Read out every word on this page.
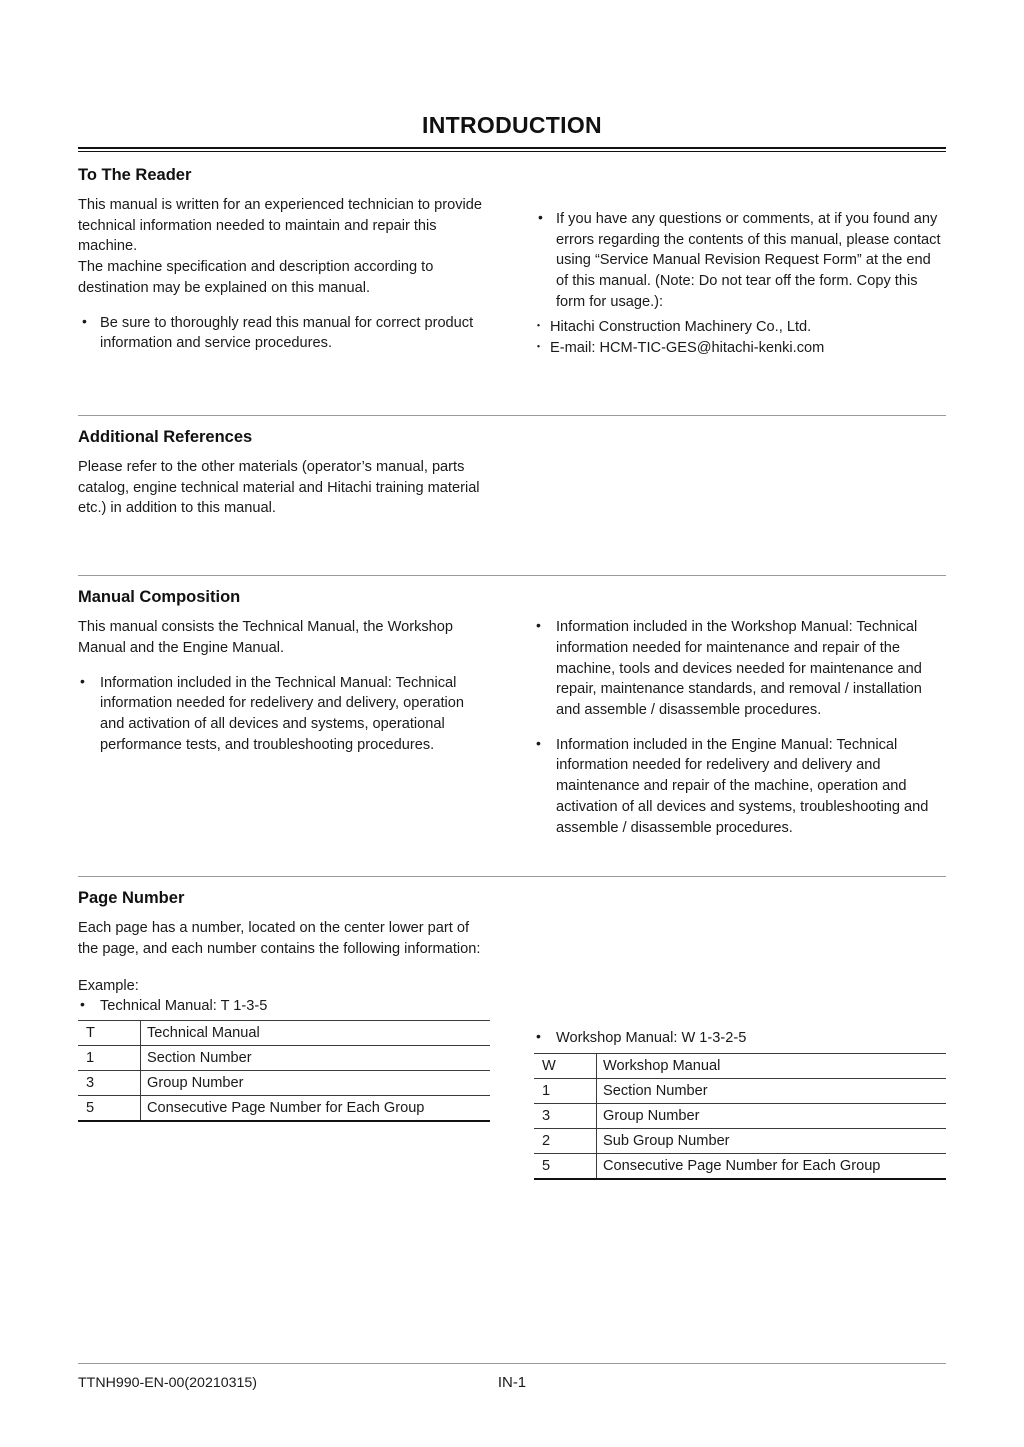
INTRODUCTION
To The Reader

This manual is written for an experienced technician to provide technical information needed to maintain and repair this machine.

The machine specification and description according to destination may be explained on this manual.

• Be sure to thoroughly read this manual for correct product information and service procedures.
• If you have any questions or comments, at if you found any errors regarding the contents of this manual, please contact using “Service Manual Revision Request Form” at the end of this manual. (Note: Do not tear off the form. Copy this form for usage.):
・ Hitachi Construction Machinery Co., Ltd.
・ E-mail: HCM-TIC-GES@hitachi-kenki.com
Additional References

Please refer to the other materials (operator’s manual, parts catalog, engine technical material and Hitachi training material etc.) in addition to this manual.

Manual Composition

This manual consists the Technical Manual, the Workshop Manual and the Engine Manual.

• Information included in the Technical Manual: Technical information needed for redelivery and delivery, operation and activation of all devices and systems, operational performance tests, and troubleshooting procedures.
• Information included in the Workshop Manual: Technical information needed for maintenance and repair of the machine, tools and devices needed for maintenance and repair, maintenance standards, and removal / installation and assemble / disassemble procedures.
• Information included in the Engine Manual: Technical information needed for redelivery and delivery and maintenance and repair of the machine, operation and activation of all devices and systems, troubleshooting and assemble / disassemble procedures.
Page Number

Each page has a number, located on the center lower part of the page, and each number contains the following information:

Example:
• Technical Manual: T 1-3-5
T	Technical Manual
1	Section Number
3	Group Number
5	Consecutive Page Number for Each Group
• Workshop Manual: W 1-3-2-5
W	Workshop Manual
1	Section Number
3	Group Number
2	Sub Group Number
5	Consecutive Page Number for Each Group
TTNH990-EN-00(20210315)	IN-1
